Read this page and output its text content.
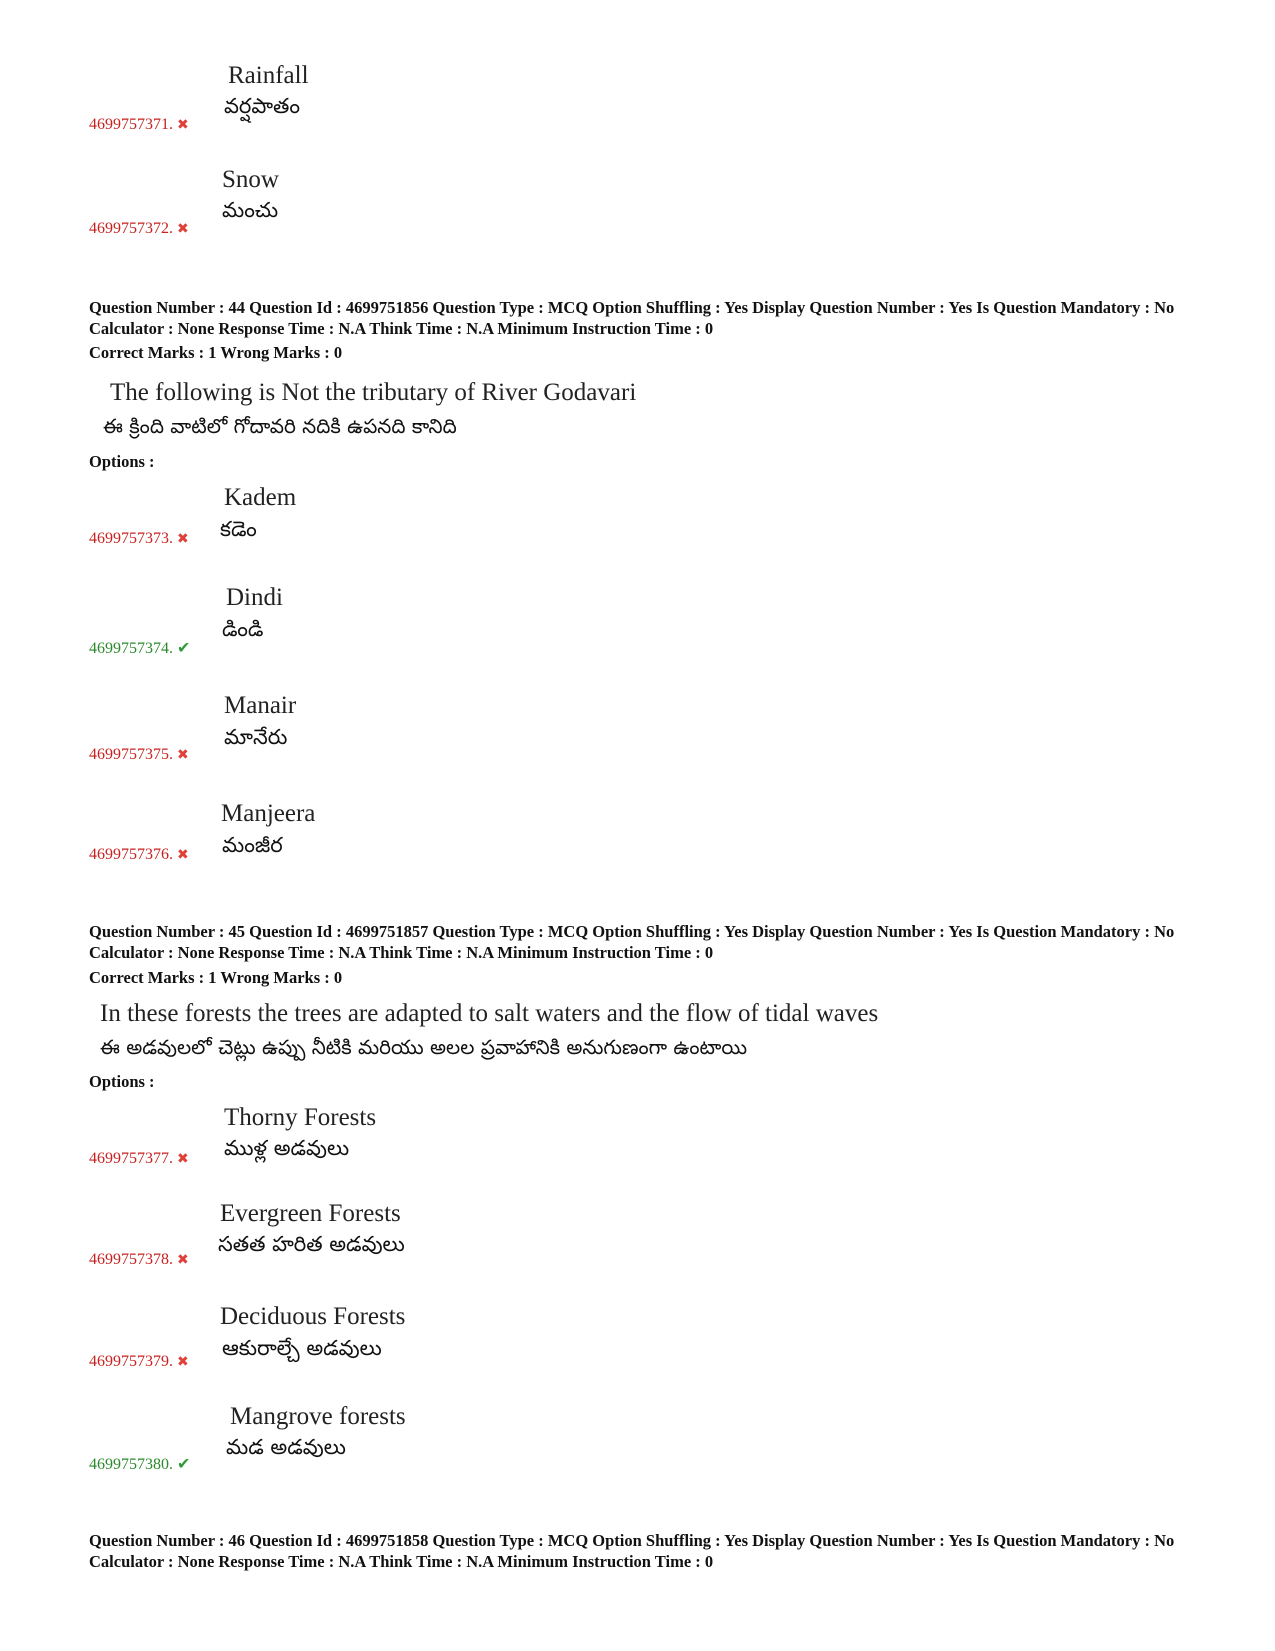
Rainfall
వర్షపాతం
4699757371. ✖
Snow
మంచు
4699757372. ✖
Question Number : 44 Question Id : 4699751856 Question Type : MCQ Option Shuffling : Yes Display Question Number : Yes Is Question Mandatory : No Calculator : None Response Time : N.A Think Time : N.A Minimum Instruction Time : 0
Correct Marks : 1 Wrong Marks : 0
The following is Not the tributary of River Godavari
ఈ క్రింది వాటిలో గోదావరి నదికి ఉపనది కానిది
Options :
Kadem
కడెం
4699757373. ✖
Dindi
డిండి
4699757374. ✔
Manair
మానేరు
4699757375. ✖
Manjeera
మంజీర
4699757376. ✖
Question Number : 45 Question Id : 4699751857 Question Type : MCQ Option Shuffling : Yes Display Question Number : Yes Is Question Mandatory : No Calculator : None Response Time : N.A Think Time : N.A Minimum Instruction Time : 0
Correct Marks : 1 Wrong Marks : 0
In these forests the trees are adapted to salt waters and the flow of tidal waves
ఈ అడవులలో చెట్లు ఉప్పు నీటికి మరియు అలల ప్రవాహానికి అనుగుణంగా ఉంటాయి
Options :
Thorny Forests
ముళ్ల అడవులు
4699757377. ✖
Evergreen Forests
సతత హరిత అడవులు
4699757378. ✖
Deciduous Forests
ఆకురాల్చే అడవులు
4699757379. ✖
Mangrove forests
మడ అడవులు
4699757380. ✔
Question Number : 46 Question Id : 4699751858 Question Type : MCQ Option Shuffling : Yes Display Question Number : Yes Is Question Mandatory : No Calculator : None Response Time : N.A Think Time : N.A Minimum Instruction Time : 0
